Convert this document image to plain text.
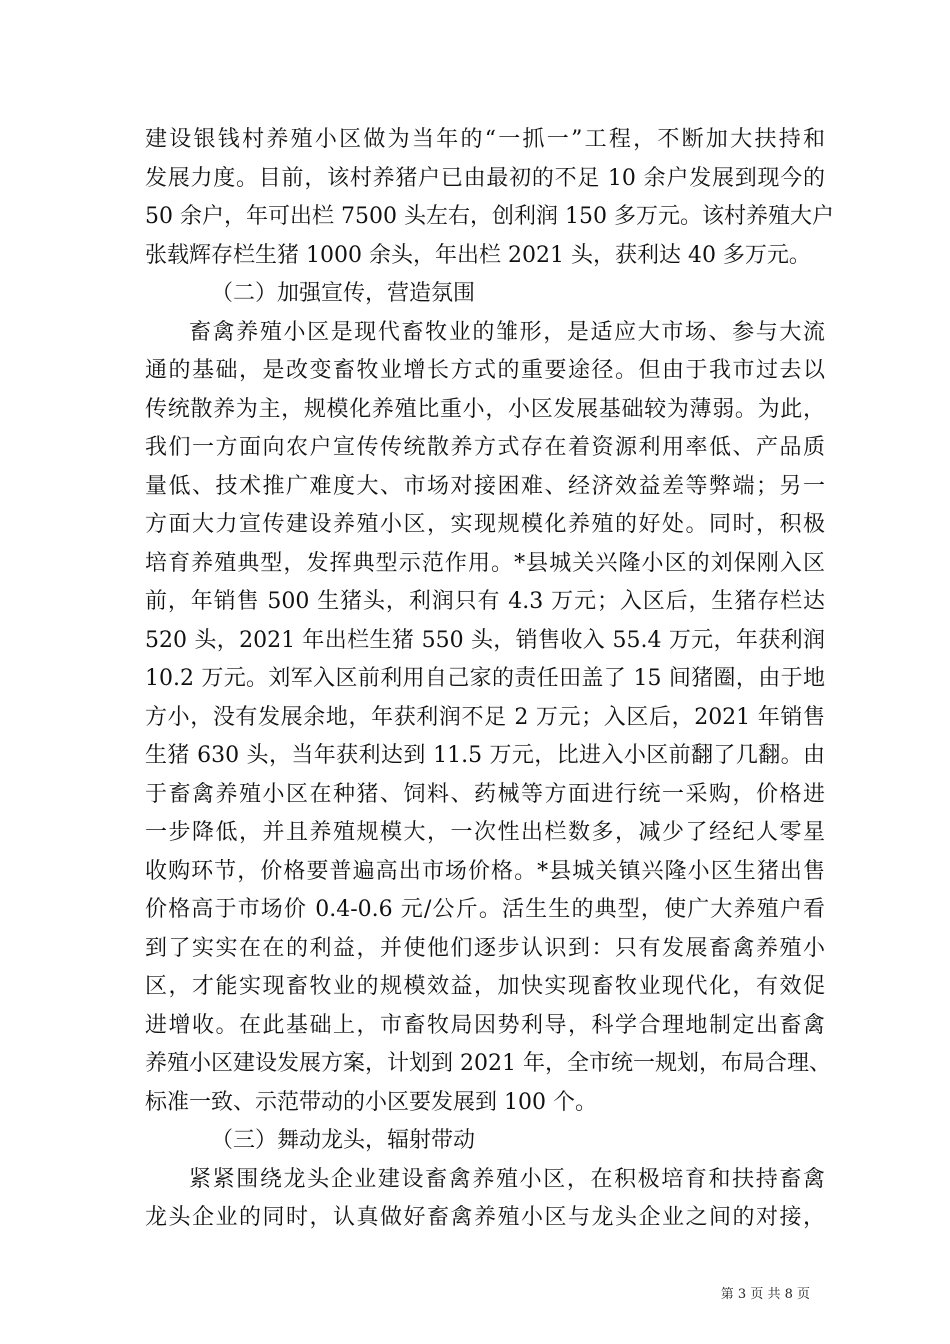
建设银钱村养殖小区做为当年的“一抓一”工程，不断加大扶持和
发展力度。目前，该村养猪户已由最初的不足 10 余户发展到现今的
50 余户，年可出栏 7500 头左右，创利润 150 多万元。该村养殖大户
张载辉存栏生猪 1000 余头，年出栏 2021 头，获利达 40 多万元。
（二）加强宣传，营造氛围
畜禽养殖小区是现代畜牧业的雏形，是适应大市场、参与大流
通的基础，是改变畜牧业增长方式的重要途径。但由于我市过去以
传统散养为主，规模化养殖比重小，小区发展基础较为薄弱。为此，
我们一方面向农户宣传传统散养方式存在着资源利用率低、产品质
量低、技术推广难度大、市场对接困难、经济效益差等弊端；另一
方面大力宣传建设养殖小区，实现规模化养殖的好处。同时，积极
培育养殖典型，发挥典型示范作用。*县城关兴隆小区的刘保刚入区
前，年销售 500 生猪头，利润只有 4.3 万元；入区后，生猪存栏达
520 头，2021 年出栏生猪 550 头，销售收入 55.4 万元，年获利润
10.2 万元。刘军入区前利用自己家的责任田盖了 15 间猪圈，由于地
方小，没有发展余地，年获利润不足 2 万元；入区后，2021 年销售
生猪 630 头，当年获利达到 11.5 万元，比进入小区前翻了几翻。由
于畜禽养殖小区在种猪、饲料、药械等方面进行统一采购，价格进
一步降低，并且养殖规模大，一次性出栏数多，减少了经纪人零星
收购环节，价格要普遍高出市场价格。*县城关镇兴隆小区生猪出售
价格高于市场价 0.4-0.6 元/公斤。活生生的典型，使广大养殖户看
到了实实在在的利益，并使他们逐步认识到：只有发展畜禽养殖小
区，才能实现畜牧业的规模效益，加快实现畜牧业现代化，有效促
进增收。在此基础上，市畜牧局因势利导，科学合理地制定出畜禽
养殖小区建设发展方案，计划到 2021 年，全市统一规划，布局合理、
标准一致、示范带动的小区要发展到 100 个。
（三）舞动龙头，辐射带动
紧紧围绕龙头企业建设畜禽养殖小区，在积极培育和扶持畜禽
龙头企业的同时，认真做好畜禽养殖小区与龙头企业之间的对接，
第 3 页 共 8 页
